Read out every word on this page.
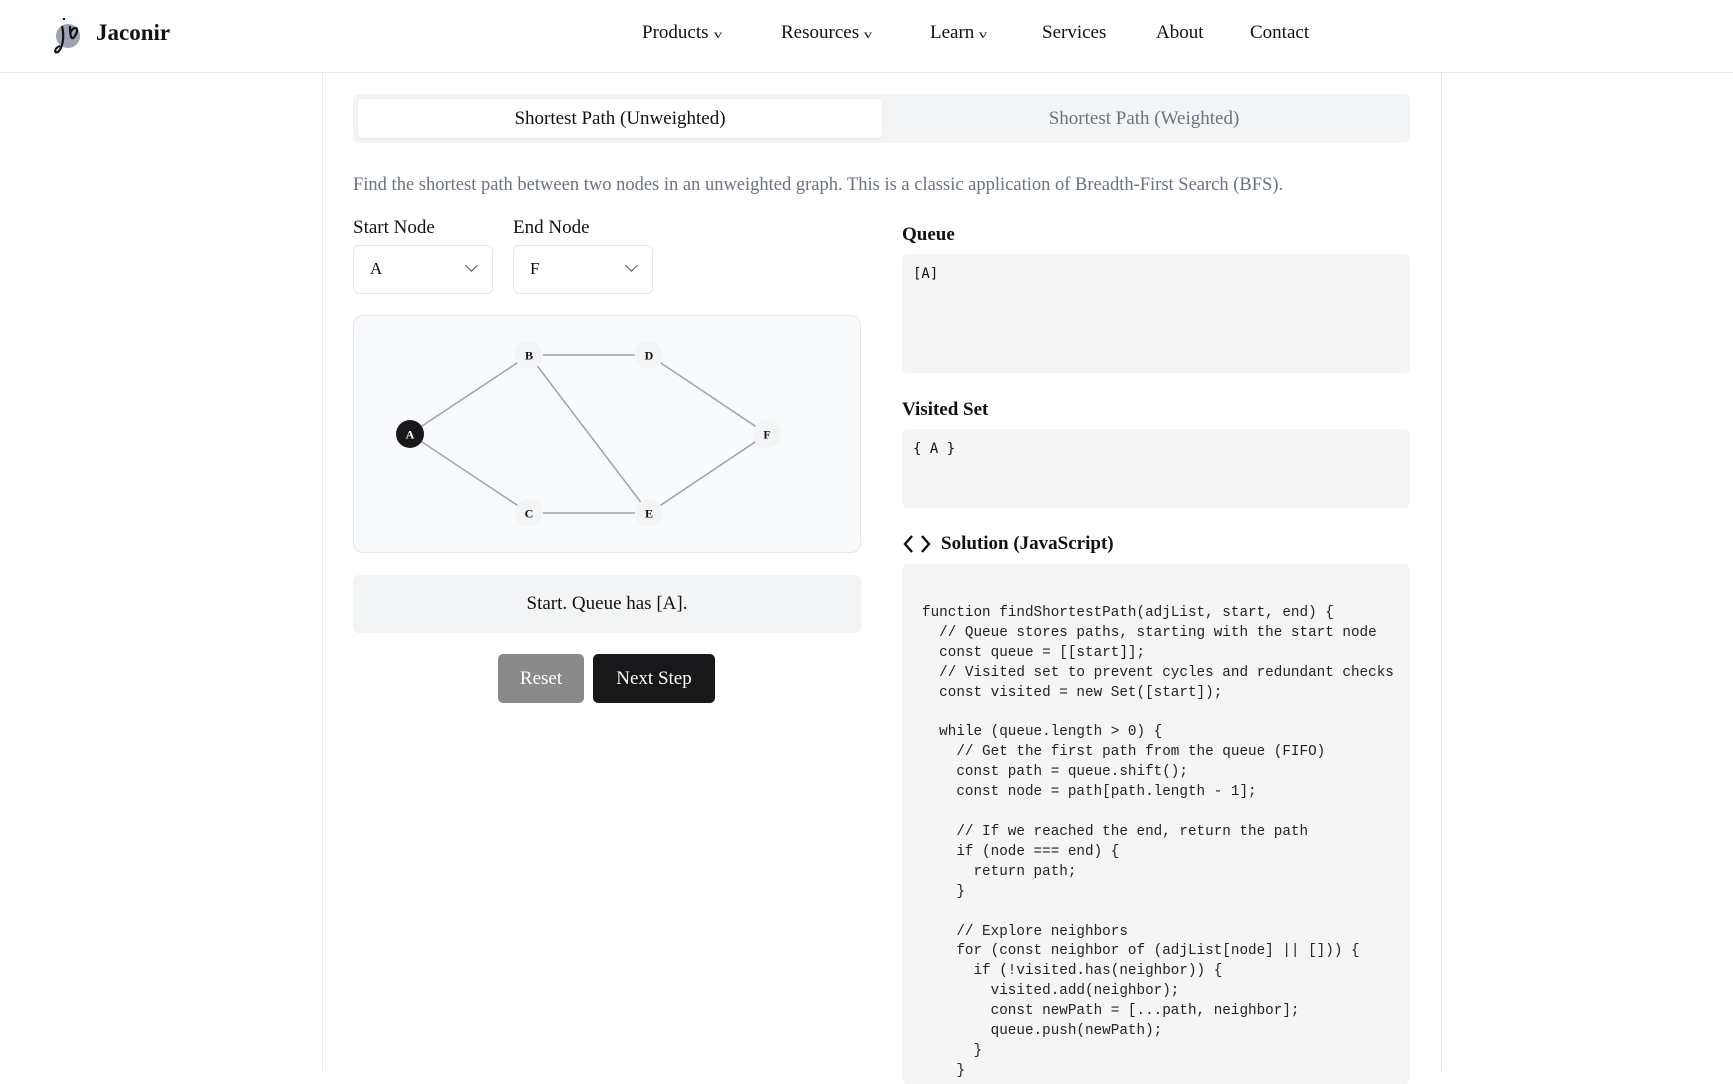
Jaconir	Products v	Resources v	Learn v	Services	About Contact
Shortest Path (Unweighted)	Shortest Path (Weighted)
Find the shortest path between two nodes in an unweighted graph. This is a classic application of Breadth-First Search (BFS).
Start Node	End Node
A	F
A
B
C
D
E
F
Start. Queue has [A].
Reset	Next Step
Queue
[A]
Visited Set
{ A }
Solution (JavaScript)
function findShortestPath(adjList, start, end) {
// Queue stores paths, starting with the start node
const queue = [[start]];
// Visited set to prevent cycles and redundant checks
const visited = new Set([start]);

while (queue.length > 0) {
// Get the first path from the queue (FIFO)
const path = queue.shift();
const node = path[path.length - 1];

// If we reached the end, return the path
if (node === end) {
return path;
}

// Explore neighbors
for (const neighbor of (adjList[node] || [])) {
if (!visited.has(neighbor)) {
visited.add(neighbor);
const newPath = [...path, neighbor];
queue.push(newPath);
}
}
